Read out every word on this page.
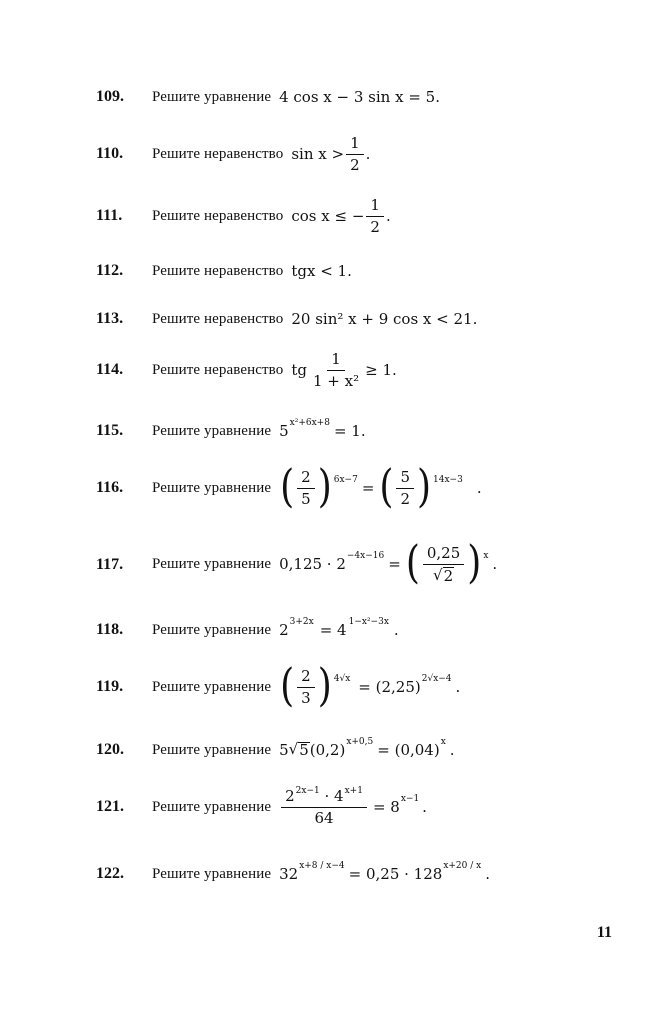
109.	Решите уравнение 4 cos x − 3 sin x = 5.
110.	Решите неравенство $\sin x > \frac{1}{2}$ .
111.	Решите неравенство cos x ≤ − $\frac{1}{2}$ .
112.	Решите неравенство tgx < 1.
113.	Решите неравенство 20 sin² x + 9 cos x < 21.
114.	Решите неравенство tg $\frac{1}{\text{1 + x²}} \ge 1$.
115.	Решите уравнение 5 x²+6x+8 = 1.
116.	Решите уравнение ( $\frac{2}{5}$ ) 6x−7 = ( $\frac{5}{2}$ ) 14x−3 .
117.	Решите уравнение 0,125 · 2 −4x−16 = ( $\frac{0,25}{√ 2}$ ) x .
118.	Решите уравнение 2 3+2x = 4 1−x²−3x .
119.	Решите уравнение ( $\frac{2}{3}$ ) 4√x = (2,25) 2√x−4 .
120.	Решите уравнение 5 √ 5 (0,2) x+0,5 = (0,04) x .
121.	Решите уравнение $\frac{2^{2x-1} \cdot 4^{x+1}}{64} = 8$ x−1 .
122.	Решите уравнение 32 x+8 / x−4 = 0,25 · 128 x+20 / x .
11
